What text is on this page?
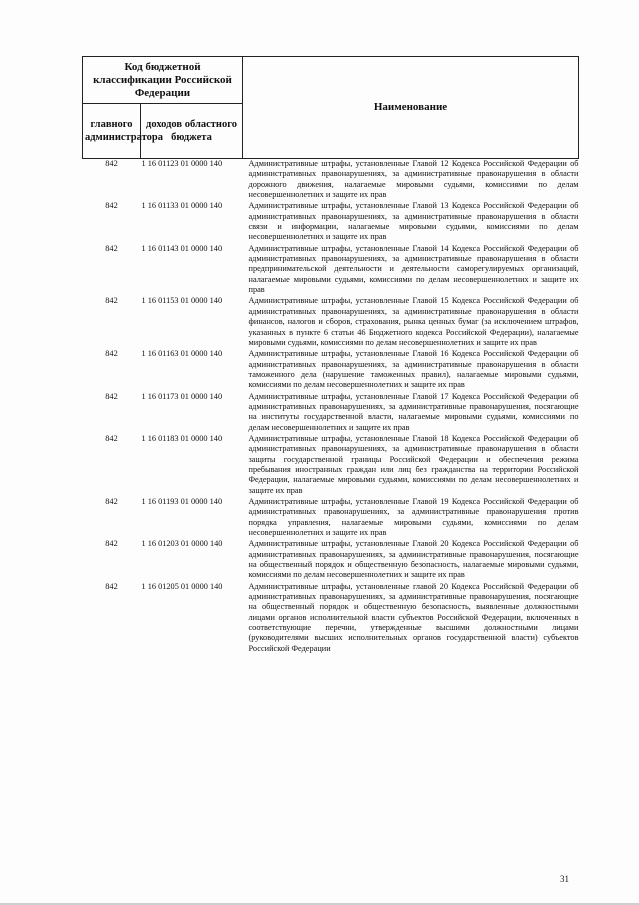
Код бюджетной классификации Российской Федерации		Наименование
главного администратора	доходов областного бюджета	
842	1 16 01123 01 0000 140	Административные штрафы, установленные Главой 12 Кодекса Российской Федерации об административных правонарушениях, за административные правонарушения в области дорожного движения, налагаемые мировыми судьями, комиссиями по делам несовершеннолетних и защите их прав

842	1 16 01133 01 0000 140	Административные штрафы, установленные Главой 13 Кодекса Российской Федерации об административных правонарушениях, за административные правонарушения в области связи и информации, налагаемые мировыми судьями, комиссиями по делам несовершеннолетних и защите их прав

842	1 16 01143 01 0000 140	Административные штрафы, установленные Главой 14 Кодекса Российской Федерации об административных правонарушениях, за административные правонарушения в области предпринимательской деятельности и деятельности саморегулируемых организаций, налагаемые мировыми судьями, комиссиями по делам несовершеннолетних и защите их прав

842	1 16 01153 01 0000 140	Административные штрафы, установленные Главой 15 Кодекса Российской Федерации об административных правонарушениях, за административные правонарушения в области финансов, налогов и сборов, страхования, рынка ценных бумаг (за исключением штрафов, указанных в пункте 6 статьи 46 Бюджетного кодекса Российской Федерации), налагаемые мировыми судьями, комиссиями по делам несовершеннолетних и защите их прав

842	1 16 01163 01 0000 140	Административные штрафы, установленные Главой 16 Кодекса Российской Федерации об административных правонарушениях, за административные правонарушения в области таможенного дела (нарушение таможенных правил), налагаемые мировыми судьями, комиссиями по делам несовершеннолетних и защите их прав

842	1 16 01173 01 0000 140	Административные штрафы, установленные Главой 17 Кодекса Российской Федерации об административных правонарушениях, за административные правонарушения, посягающие на институты государственной власти, налагаемые мировыми судьями, комиссиями по делам несовершеннолетних и защите их прав

842	1 16 01183 01 0000 140	Административные штрафы, установленные Главой 18 Кодекса Российской Федерации об административных правонарушениях, за административные правонарушения в области защиты государственной границы Российской Федерации и обеспечения режима пребывания иностранных граждан или лиц без гражданства на территории Российской Федерации, налагаемые мировыми судьями, комиссиями по делам несовершеннолетних и защите их прав

842	1 16 01193 01 0000 140	Административные штрафы, установленные Главой 19 Кодекса Российской Федерации об административных правонарушениях, за административные правонарушения против порядка управления, налагаемые мировыми судьями, комиссиями по делам несовершеннолетних и защите их прав

842	1 16 01203 01 0000 140	Административные штрафы, установленные Главой 20 Кодекса Российской Федерации об административных правонарушениях, за административные правонарушения, посягающие на общественный порядок и общественную безопасность, налагаемые мировыми судьями, комиссиями по делам несовершеннолетних и защите их прав

842	1 16 01205 01 0000 140	Административные штрафы, установленные главой 20 Кодекса Российской Федерации об административных правонарушениях, за административные правонарушения, посягающие на общественный порядок и общественную безопасность, выявленные должностными лицами органов исполнительной власти субъектов Российской Федерации, включенных в соответствующие перечни, утвержденные высшими должностными лицами (руководителями высших исполнительных органов государственной власти) субъектов Российской Федерации
31
